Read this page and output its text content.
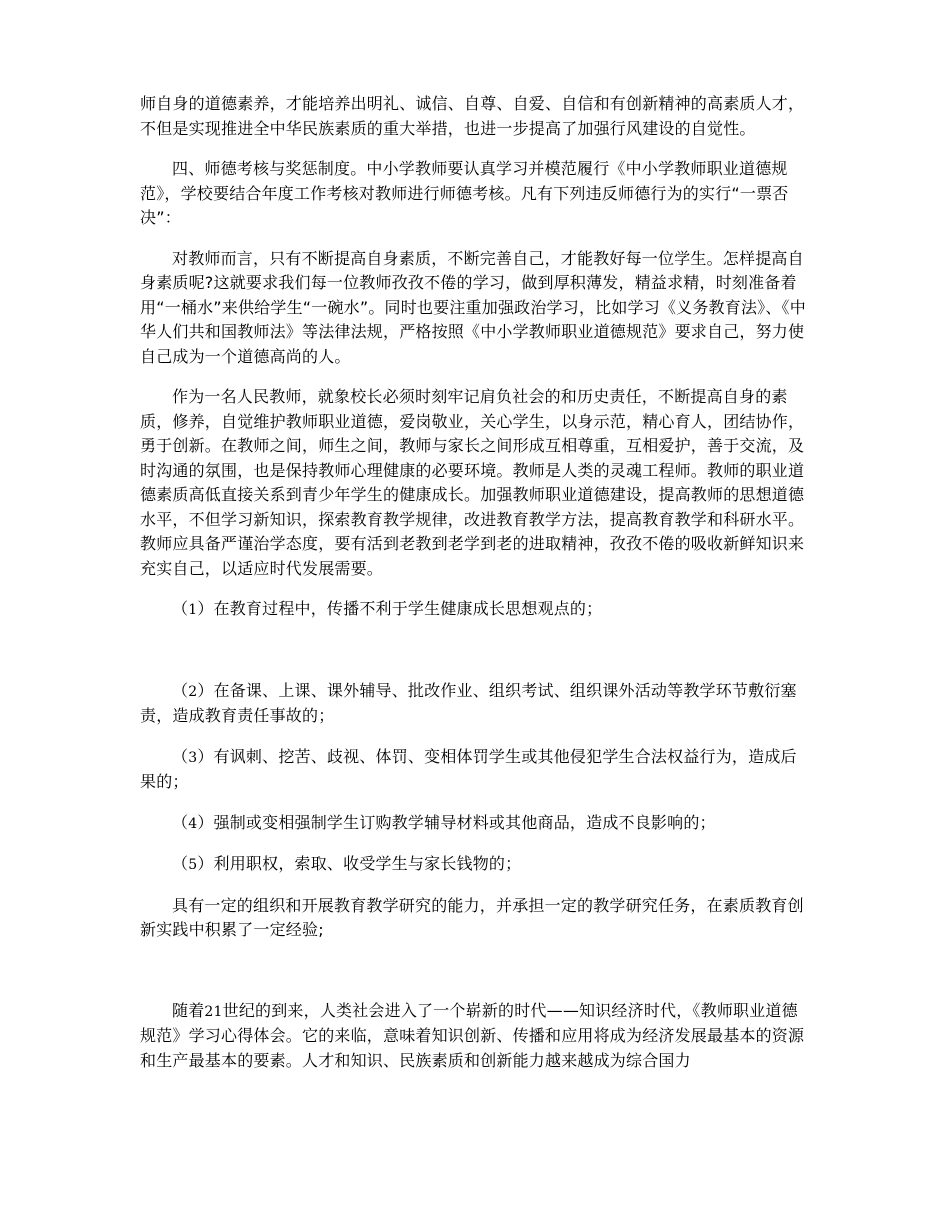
师自身的道德素养，才能培养出明礼、诚信、自尊、自爱、自信和有创新精神的高素质人才，不但是实现推进全中华民族素质的重大举措，也进一步提高了加强行风建设的自觉性。

四、师德考核与奖惩制度。中小学教师要认真学习并模范履行《中小学教师职业道德规范》，学校要结合年度工作考核对教师进行师德考核。凡有下列违反师德行为的实行“一票否决”：

对教师而言，只有不断提高自身素质，不断完善自己，才能教好每一位学生。怎样提高自身素质呢?这就要求我们每一位教师孜孜不倦的学习，做到厚积薄发，精益求精，时刻准备着用“一桶水”来供给学生“一碗水”。同时也要注重加强政治学习，比如学习《义务教育法》、《中华人们共和国教师法》等法律法规，严格按照《中小学教师职业道德规范》要求自己，努力使自己成为一个道德高尚的人。

作为一名人民教师，就象校长必须时刻牢记肩负社会的和历史责任，不断提高自身的素质，修养，自觉维护教师职业道德，爱岗敬业，关心学生，以身示范，精心育人，团结协作，勇于创新。在教师之间，师生之间，教师与家长之间形成互相尊重，互相爱护，善于交流，及时沟通的氛围，也是保持教师心理健康的必要环境。教师是人类的灵魂工程师。教师的职业道德素质高低直接关系到青少年学生的健康成长。加强教师职业道德建设，提高教师的思想道德水平，不但学习新知识，探索教育教学规律，改进教育教学方法，提高教育教学和科研水平。教师应具备严谨治学态度，要有活到老教到老学到老的进取精神，孜孜不倦的吸收新鲜知识来充实自己，以适应时代发展需要。

（1）在教育过程中，传播不利于学生健康成长思想观点的；

（2）在备课、上课、课外辅导、批改作业、组织考试、组织课外活动等教学环节敷衍塞责，造成教育责任事故的；

（3）有讽刺、挖苦、歧视、体罚、变相体罚学生或其他侵犯学生合法权益行为，造成后果的；

（4）强制或变相强制学生订购教学辅导材料或其他商品，造成不良影响的；

（5）利用职权，索取、收受学生与家长钱物的；

具有一定的组织和开展教育教学研究的能力，并承担一定的教学研究任务，在素质教育创新实践中积累了一定经验;

随着21世纪的到来，人类社会进入了一个崭新的时代——知识经济时代，《教师职业道德规范》学习心得体会。它的来临，意味着知识创新、传播和应用将成为经济发展最基本的资源和生产最基本的要素。人才和知识、民族素质和创新能力越来越成为综合国力
